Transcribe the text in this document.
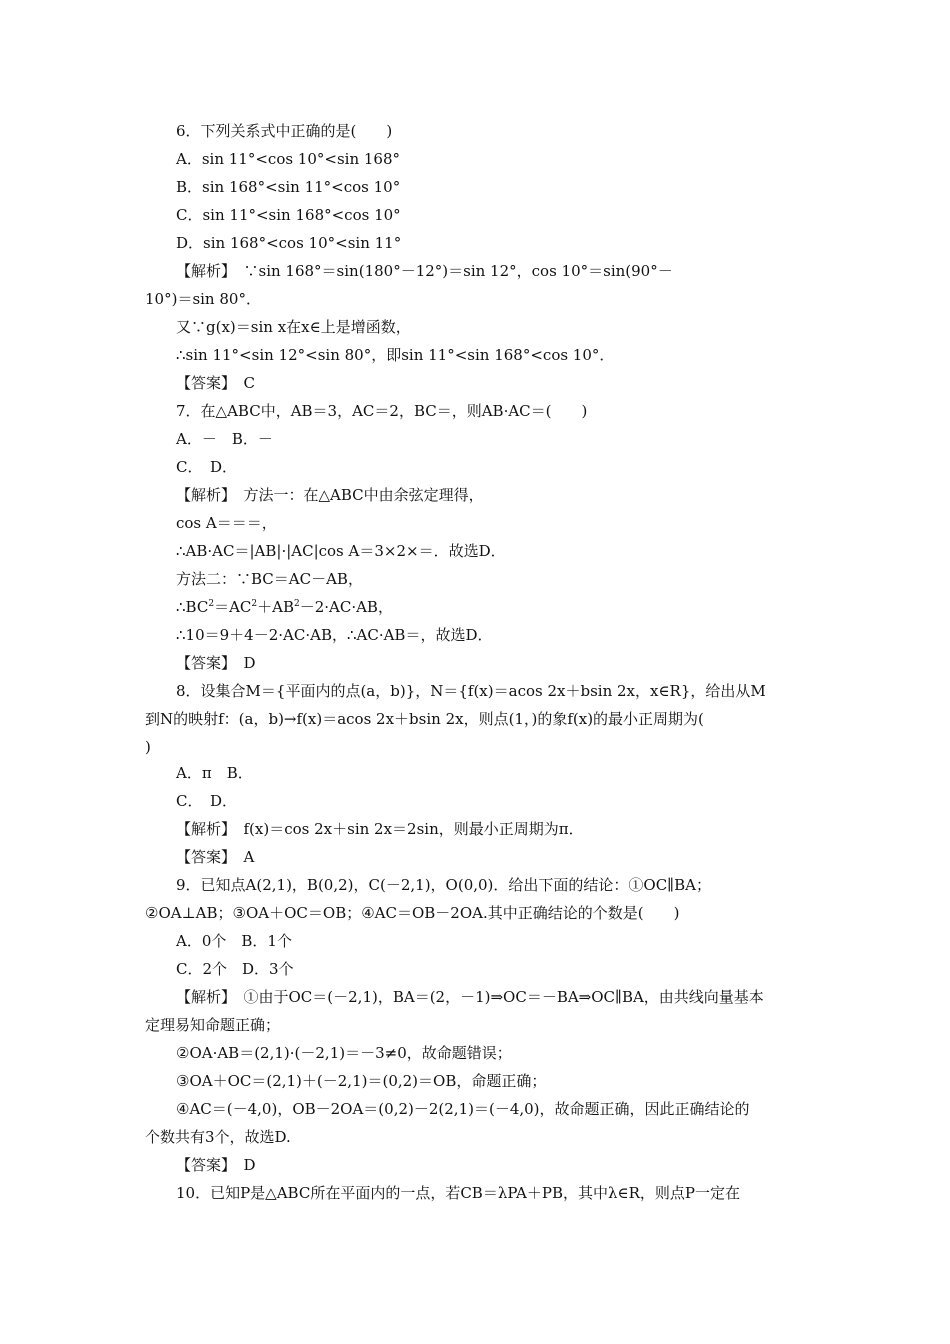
6．下列关系式中正确的是(　　)
A．sin 11°<cos 10°<sin 168°
B．sin 168°<sin 11°<cos 10°
C．sin 11°<sin 168°<cos 10°
D．sin 168°<cos 10°<sin 11°
【解析】　∵sin 168°＝sin(180°－12°)＝sin 12°，cos 10°＝sin(90°－
10°)＝sin 80°．
又∵g(x)＝sin x在x∈上是增函数，
∴sin 11°<sin 12°<sin 80°，即sin 11°<sin 168°<cos 10°．
【答案】　C
7．在△ABC中，AB＝3，AC＝2，BC＝，则AB·AC＝(　　)
A．－　B．－
C．　D．
【解析】　方法一：在△ABC中由余弦定理得，
cos A＝＝＝，
∴AB·AC＝|AB|·|AC|cos A＝3×2×＝．故选D．
方法二：∵BC＝AC－AB，
$\therefore BC^2=AC^2+AB^2-2\cdot AC\cdot AB$，
∴10＝9＋4－2·AC·AB，∴AC·AB＝，故选D．
【答案】　D
8．设集合M＝{平面内的点(a，b)}，N＝{f(x)＝acos 2x＋bsin 2x，x∈R}，给出从M
到N的映射f：(a，b)→f(x)＝acos 2x＋bsin 2x，则点(1，)的象f(x)的最小正周期为(
)
A．π　B．
C．　D．
【解析】　f(x)＝cos 2x＋sin 2x＝2sin，则最小正周期为π．
【答案】　A
9．已知点A(2,1)，B(0,2)，C(－2,1)，O(0,0)．给出下面的结论：①OC∥BA；
②OA⊥AB；③OA＋OC＝OB；④AC＝OB－2OA.其中正确结论的个数是(　　)
A．0个　B．1个
C．2个　D．3个
【解析】　①由于OC＝(－2,1)，BA＝(2，－1)⇒OC＝－BA⇒OC∥BA，由共线向量基本
定理易知命题正确；
②OA·AB＝(2,1)·(－2,1)＝－3≠0，故命题错误；
③OA＋OC＝(2,1)＋(－2,1)＝(0,2)＝OB，命题正确；
④AC＝(－4,0)，OB－2OA＝(0,2)－2(2,1)＝(－4,0)，故命题正确，因此正确结论的
个数共有3个，故选D.
【答案】　D
10．已知P是△ABC所在平面内的一点，若CB＝λPA＋PB，其中λ∈R，则点P一定在
